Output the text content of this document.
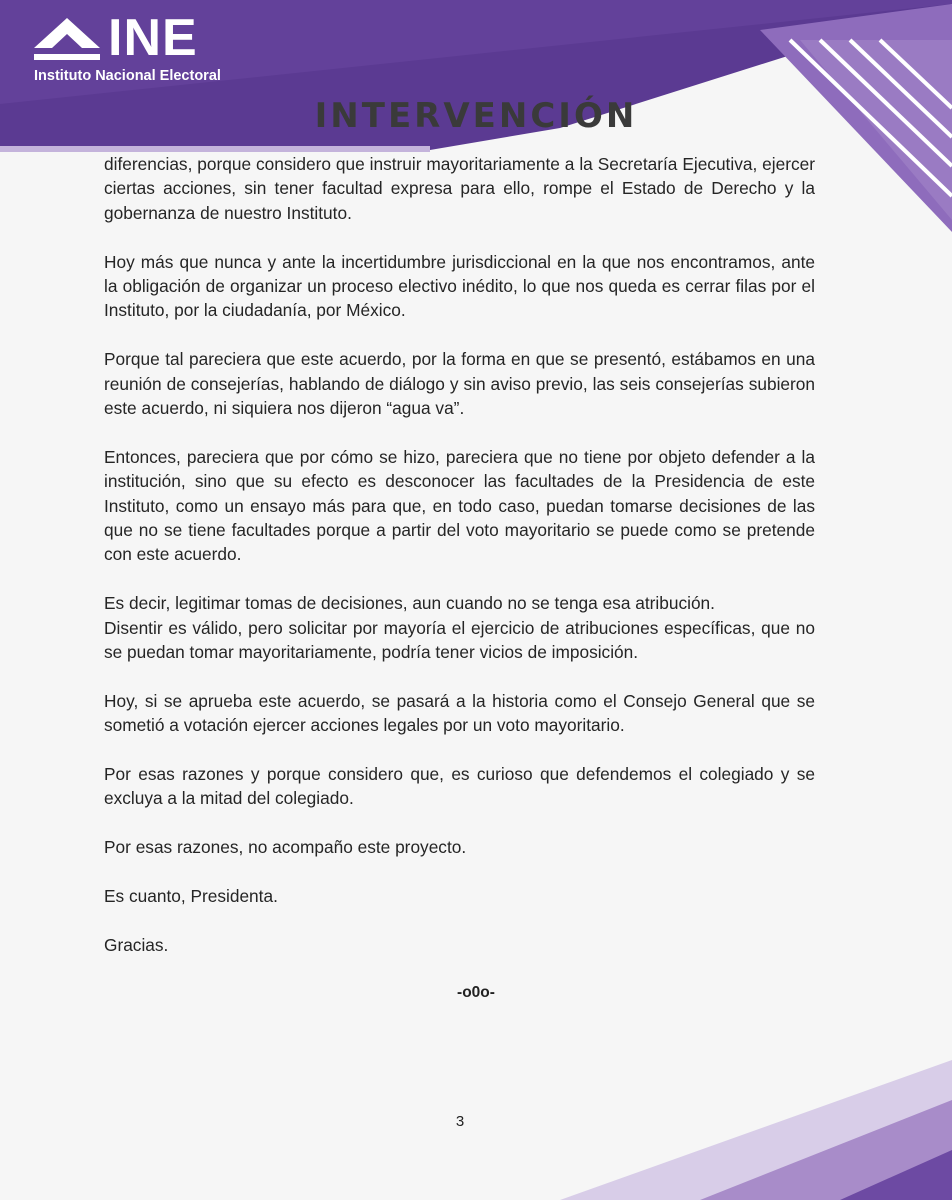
INE
Instituto Nacional Electoral
INTERVENCIÓN

diferencias, porque considero que instruir mayoritariamente a la Secretaría Ejecutiva, ejercer ciertas acciones, sin tener facultad expresa para ello, rompe el Estado de Derecho y la gobernanza de nuestro Instituto.

Hoy más que nunca y ante la incertidumbre jurisdiccional en la que nos encontramos, ante la obligación de organizar un proceso electivo inédito, lo que nos queda es cerrar filas por el Instituto, por la ciudadanía, por México.

Porque tal pareciera que este acuerdo, por la forma en que se presentó, estábamos en una reunión de consejerías, hablando de diálogo y sin aviso previo, las seis consejerías subieron este acuerdo, ni siquiera nos dijeron “agua va”.

Entonces, pareciera que por cómo se hizo, pareciera que no tiene por objeto defender a la institución, sino que su efecto es desconocer las facultades de la Presidencia de este Instituto, como un ensayo más para que, en todo caso, puedan tomarse decisiones de las que no se tiene facultades porque a partir del voto mayoritario se puede como se pretende con este acuerdo.

Es decir, legitimar tomas de decisiones, aun cuando no se tenga esa atribución.

Disentir es válido, pero solicitar por mayoría el ejercicio de atribuciones específicas, que no se puedan tomar mayoritariamente, podría tener vicios de imposición.

Hoy, si se aprueba este acuerdo, se pasará a la historia como el Consejo General que se sometió a votación ejercer acciones legales por un voto mayoritario.

Por esas razones y porque considero que, es curioso que defendemos el colegiado y se excluya a la mitad del colegiado.

Por esas razones, no acompaño este proyecto.

Es cuanto, Presidenta.

Gracias.

-o0o-
3
